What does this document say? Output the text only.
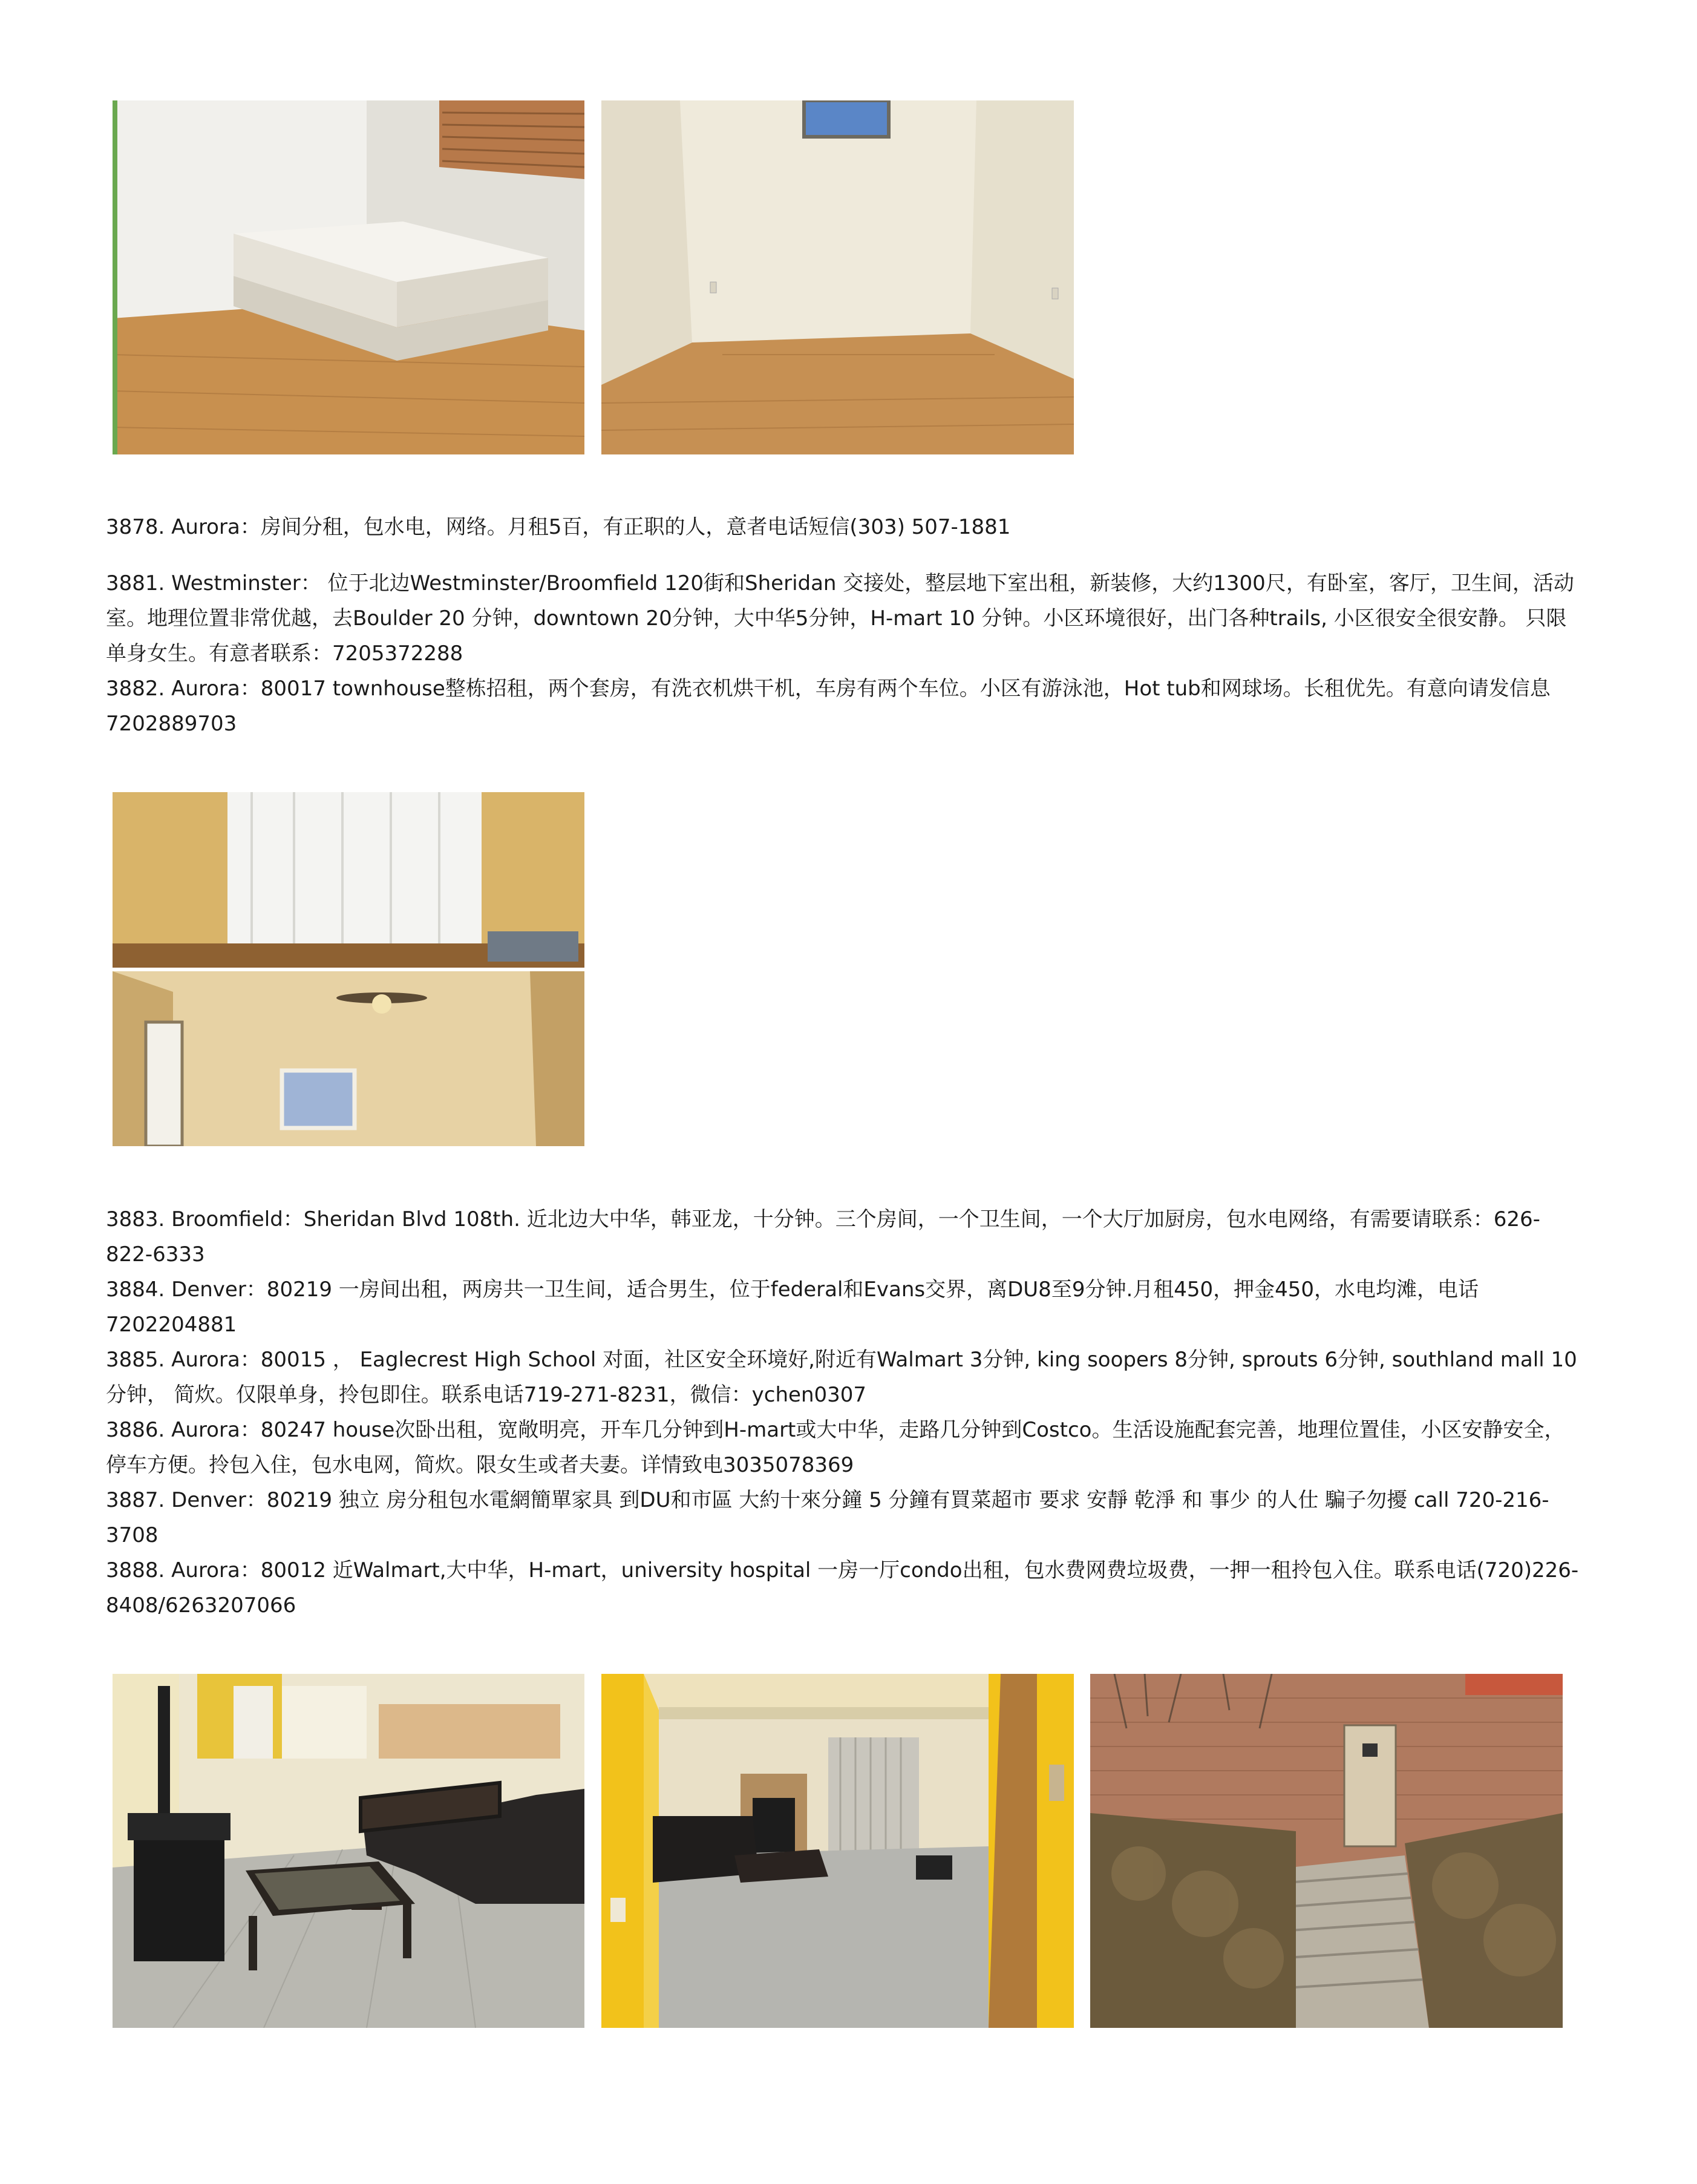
3878. Aurora：房间分租，包水电，网络。月租5百，有正职的人，意者电话短信(303) 507-1881

3881. Westminster： 位于北边Westminster/Broomfield 120街和Sheridan 交接处，整层地下室出租，新装修，大约1300尺，有卧室，客厅，卫生间，活动室。地理位置非常优越，去Boulder 20 分钟，downtown 20分钟，大中华5分钟，H-mart 10 分钟。小区环境很好，出门各种trails, 小区很安全很安静。 只限单身女生。有意者联系：7205372288

3882. Aurora：80017 townhouse整栋招租，两个套房，有洗衣机烘干机，车房有两个车位。小区有游泳池，Hot tub和网球场。长租优先。有意向请发信息7202889703

3883. Broomfield：Sheridan Blvd 108th. 近北边大中华，韩亚龙，十分钟。三个房间，一个卫生间，一个大厅加厨房，包水电网络，有需要请联系：626-822-6333

3884. Denver：80219 一房间出租，两房共一卫生间，适合男生，位于federal和Evans交界，离DU8至9分钟.月租450，押金450，水电均滩，电话7202204881

3885. Aurora：80015 ， Eaglecrest High School 对面，社区安全环境好,附近有Walmart 3分钟, king soopers 8分钟, sprouts 6分钟, southland mall 10分钟， 简炊。仅限单身，拎包即住。联系电话719-271-8231，微信：ychen0307

3886. Aurora：80247 house次卧出租，宽敞明亮，开车几分钟到H-mart或大中华，走路几分钟到Costco。生活设施配套完善，地理位置佳，小区安静安全，停车方便。拎包入住，包水电网，简炊。限女生或者夫妻。详情致电3035078369

3887. Denver：80219 独立 房分租包水電網簡單家具 到DU和市區 大約十來分鐘 5 分鐘有買菜超市 要求 安靜 乾淨 和 事少 的人仕 騙子勿擾 call 720-216-3708

3888. Aurora：80012 近Walmart,大中华，H-mart，university hospital 一房一厅condo出租，包水费网费垃圾费，一押一租拎包入住。联系电话(720)226-8408/6263207066
